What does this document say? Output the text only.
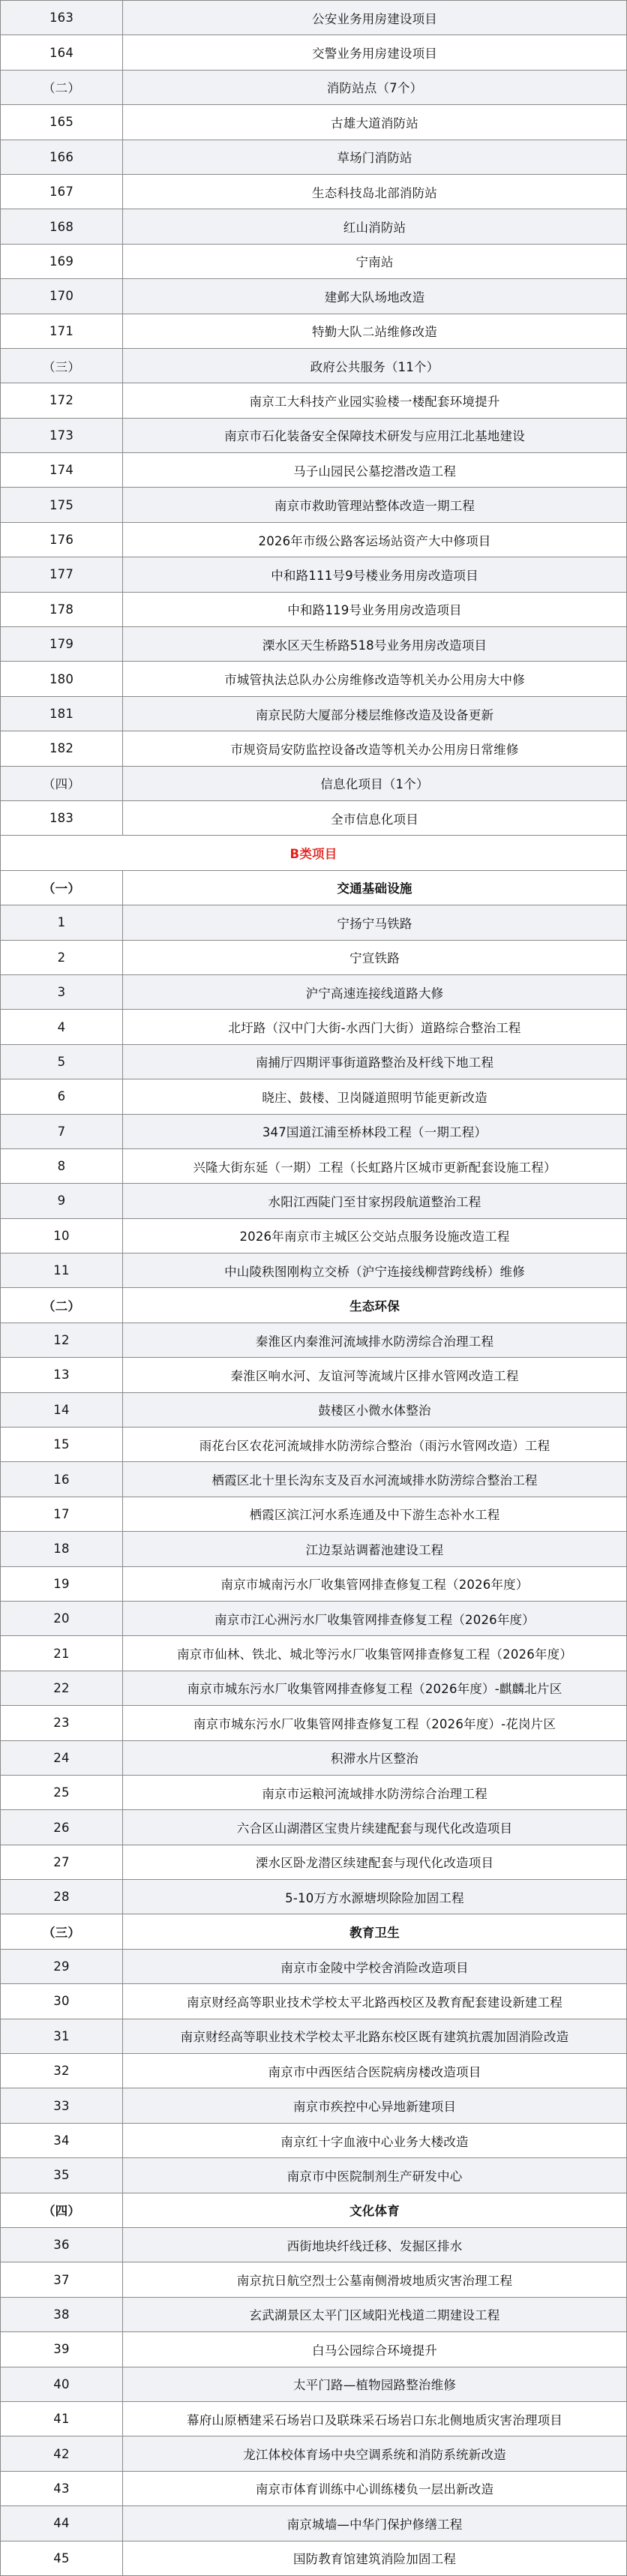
163	公安业务用房建设项目
164	交警业务用房建设项目
（二）	消防站点（7个）
165	古雄大道消防站
166	草场门消防站
167	生态科技岛北部消防站
168	红山消防站
169	宁南站
170	建邺大队场地改造
171	特勤大队二站维修改造
（三）	政府公共服务（11个）
172	南京工大科技产业园实验楼一楼配套环境提升
173	南京市石化装备安全保障技术研发与应用江北基地建设
174	马子山园民公墓挖潜改造工程
175	南京市救助管理站整体改造一期工程
176	2026年市级公路客运场站资产大中修项目
177	中和路111号9号楼业务用房改造项目
178	中和路119号业务用房改造项目
179	溧水区天生桥路518号业务用房改造项目
180	市城管执法总队办公房维修改造等机关办公用房大中修
181	南京民防大厦部分楼层维修改造及设备更新
182	市规资局安防监控设备改造等机关办公用房日常维修
（四）	信息化项目（1个）
183	全市信息化项目
B类项目	
（一）	交通基础设施
1	宁扬宁马铁路
2	宁宣铁路
3	沪宁高速连接线道路大修
4	北圩路（汉中门大街-水西门大街）道路综合整治工程
5	南捕厅四期评事街道路整治及杆线下地工程
6	晓庄、鼓楼、卫岗隧道照明节能更新改造
7	347国道江浦至桥林段工程（一期工程）
8	兴隆大街东延（一期）工程（长虹路片区城市更新配套设施工程）
9	水阳江西陡门至甘家拐段航道整治工程
10	2026年南京市主城区公交站点服务设施改造工程
11	中山陵秩图刚构立交桥（沪宁连接线柳营跨线桥）维修
（二）	生态环保
12	秦淮区内秦淮河流域排水防涝综合治理工程
13	秦淮区响水河、友谊河等流域片区排水管网改造工程
14	鼓楼区小微水体整治
15	雨花台区农花河流域排水防涝综合整治（雨污水管网改造）工程
16	栖霞区北十里长沟东支及百水河流域排水防涝综合整治工程
17	栖霞区滨江河水系连通及中下游生态补水工程
18	江边泵站调蓄池建设工程
19	南京市城南污水厂收集管网排查修复工程（2026年度）
20	南京市江心洲污水厂收集管网排查修复工程（2026年度）
21	南京市仙林、铁北、城北等污水厂收集管网排查修复工程（2026年度）
22	南京市城东污水厂收集管网排查修复工程（2026年度）-麒麟北片区
23	南京市城东污水厂收集管网排查修复工程（2026年度）-花岗片区
24	积滞水片区整治
25	南京市运粮河流域排水防涝综合治理工程
26	六合区山湖潜区宝贵片续建配套与现代化改造项目
27	溧水区卧龙潜区续建配套与现代化改造项目
28	5-10万方水源塘坝除险加固工程
（三）	教育卫生
29	南京市金陵中学校舍消险改造项目
30	南京财经高等职业技术学校太平北路西校区及教育配套建设新建工程
31	南京财经高等职业技术学校太平北路东校区既有建筑抗震加固消险改造
32	南京市中西医结合医院病房楼改造项目
33	南京市疾控中心异地新建项目
34	南京红十字血液中心业务大楼改造
35	南京市中医院制剂生产研发中心
（四）	文化体育
36	西街地块纤线迁移、发掘区排水
37	南京抗日航空烈士公墓南侧滑坡地质灾害治理工程
38	玄武湖景区太平门区域阳光栈道二期建设工程
39	白马公园综合环境提升
40	太平门路—植物园路整治维修
41	幕府山原栖建采石场岩口及联珠采石场岩口东北侧地质灾害治理项目
42	龙江体校体育场中央空调系统和消防系统新改造
43	南京市体育训练中心训练楼负一层出新改造
44	南京城墙—中华门保护修缮工程
45	国防教育馆建筑消险加固工程
